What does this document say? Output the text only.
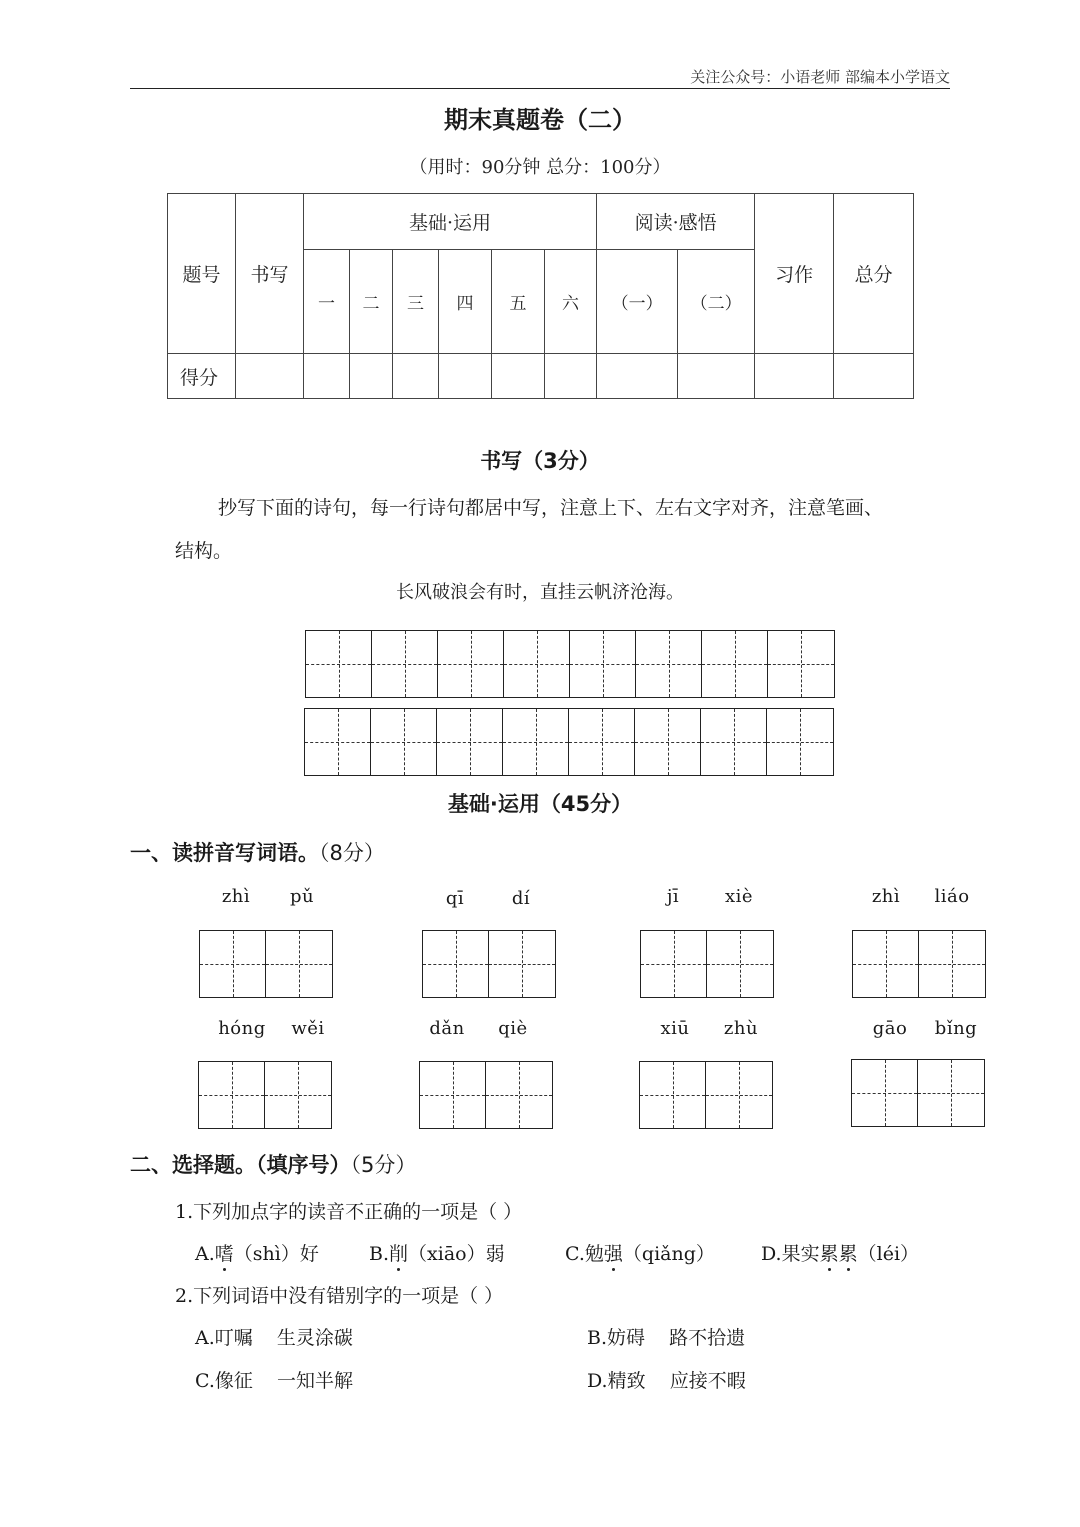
关注公众号：小语老师 部编本小学语文
期末真题卷（二）
（用时：90分钟 总分：100分）
题号	书写	基础·运用						阅读·感悟		习作	总分
		一	二	三	四	五	六	（一）	（二）		
得分											
书写（3分）
抄写下面的诗句，每一行诗句都居中写，注意上下、左右文字对齐，注意笔画、
结构。
长风破浪会有时，直挂云帆济沧海。
基础·运用（45分）
一、读拼音写词语。（8分）
zhì pǔ	qī	dí	jī	xiè	zhì liáo
hóng wěi	dǎn qiè	xiū zhù	gāo bǐng
二、选择题。（填序号）（5分）
1.下列加点字的读音不正确的一项是（ ）
A.嗜（shì）好	B.削（xiāo）弱	C.勉强（qiǎng） D.果实累累（léi）
2.下列词语中没有错别字的一项是（ ）
A.叮嘱    生灵涂碳	B.妨碍    路不拾遗
C.像征    一知半解	D.精致    应接不暇
